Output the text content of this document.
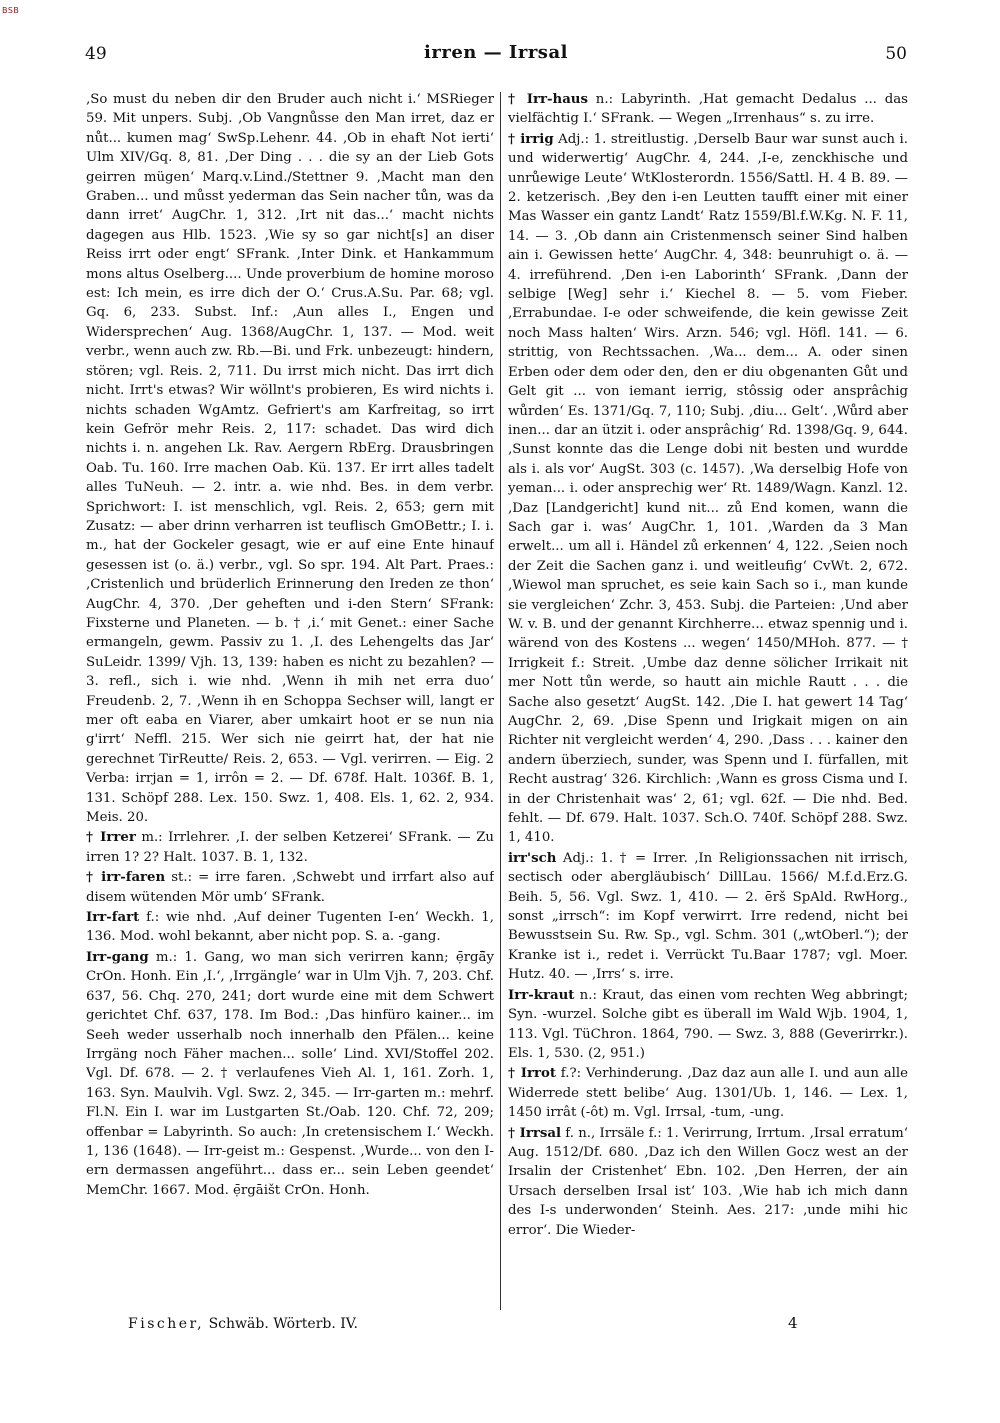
BSB
49	irren — Irrsal	50

‚So must du neben dir den Bruder auch nicht i.‘ MSRieger 59. Mit unpers. Subj. ‚Ob Vangnůsse den Man irret, daz er nůt... kumen mag‘ SwSp.Lehenr. 44. ‚Ob in ehaft Not ierti‘ Ulm XIV/Gq. 8, 81. ‚Der Ding . . . die sy an der Lieb Gots geirren mügen‘ Marq.v.Lind./Stettner 9. ‚Macht man den Graben... und můsst yederman das Sein nacher tůn, was da dann irret‘ AugChr. 1, 312. ‚Irt nit das...‘ macht nichts dagegen aus Hlb. 1523. ‚Wie sy so gar nicht[s] an diser Reiss irrt oder engt‘ SFrank. ‚Inter Dink. et Hankammum mons altus Oselberg.... Unde proverbium de homine moroso est: Ich mein, es irre dich der O.‘ Crus.A.Su. Par. 68; vgl. Gq. 6, 233. Subst. Inf.: ‚Aun alles I., Engen und Widersprechen‘ Aug. 1368/AugChr. 1, 137. — Mod. weit verbr., wenn auch zw. Rb.—Bi. und Frk. unbezeugt: hindern, stören; vgl. Reis. 2, 711. Du irrst mich nicht. Das irrt dich nicht. Irrt's etwas? Wir wöllnt's probieren, Es wird nichts i. nichts schaden WgAmtz. Gefriert's am Karfreitag, so irrt kein Gefrör mehr Reis. 2, 117: schadet. Das wird dich nichts i. n. angehen Lk. Rav. Aergern RbErg. Drausbringen Oab. Tu. 160. Irre machen Oab. Kü. 137. Er irrt alles tadelt alles TuNeuh. — 2. intr. a. wie nhd. Bes. in dem verbr. Sprichwort: I. ist menschlich, vgl. Reis. 2, 653; gern mit Zusatz: — aber drinn verharren ist teuflisch GmOBettr.; I. i. m., hat der Gockeler gesagt, wie er auf eine Ente hinauf gesessen ist (o. ä.) verbr., vgl. So spr. 194. Alt Part. Praes.: ‚Cristenlich und brüderlich Erinnerung den Ireden ze thon‘ AugChr. 4, 370. ‚Der geheften und i-den Stern‘ SFrank: Fixsterne und Planeten. — b. † ‚i.‘ mit Genet.: einer Sache ermangeln, gewm. Passiv zu 1. ‚I. des Lehengelts das Jar‘ SuLeidr. 1399/ Vjh. 13, 139: haben es nicht zu bezahlen? — 3. refl., sich i. wie nhd. ‚Wenn ih mih net erra duo‘ Freudenb. 2, 7. ‚Wenn ih en Schoppa Sechser will, langt er mer oft eaba en Viarer, aber umkairt hoot er se nun nia g'irrt‘ Neffl. 215. Wer sich nie geirrt hat, der hat nie gerechnet TirReutte/ Reis. 2, 653. — Vgl. verirren. — Eig. 2 Verba: irrjan = 1, irrôn = 2. — Df. 678f. Halt. 1036f. B. 1, 131. Schöpf 288. Lex. 150. Swz. 1, 408. Els. 1, 62. 2, 934. Meis. 20.

† Irrer m.: Irrlehrer. ‚I. der selben Ketzerei‘ SFrank. — Zu irren 1? 2? Halt. 1037. B. 1, 132.

† irr-faren st.: = irre faren. ‚Schwebt und irrfart also auf disem wütenden Mör umb‘ SFrank.

Irr-fart f.: wie nhd. ‚Auf deiner Tugenten I-en‘ Weckh. 1, 136. Mod. wohl bekannt, aber nicht pop. S. a. -gang.

Irr-gang m.: 1. Gang, wo man sich verirren kann; ẹ̄rgā̃y CrOn. Honh. Ein ‚I.‘, ‚Irrgängle‘ war in Ulm Vjh. 7, 203. Chf. 637, 56. Chq. 270, 241; dort wurde eine mit dem Schwert gerichtet Chf. 637, 178. Im Bod.: ‚Das hinfüro kainer... im Seeh weder usserhalb noch innerhalb den Pfälen... keine Irrgäng noch Fäher machen... solle‘ Lind. XVI/Stoffel 202. Vgl. Df. 678. — 2. † verlaufenes Vieh Al. 1, 161. Zorh. 1, 163. Syn. Maulvih. Vgl. Swz. 2, 345. — Irr-garten m.: mehrf. Fl.N. Ein I. war im Lustgarten St./Oab. 120. Chf. 72, 209; offenbar = Labyrinth. So auch: ‚In cretensischem I.‘ Weckh. 1, 136 (1648). — Irr-geist m.: Gespenst. ‚Wurde... von den I-ern dermassen angeführt... dass er... sein Leben geendet‘ MemChr. 1667. Mod. ẹ̄rgāišt CrOn. Honh.

† Irr-haus n.: Labyrinth. ‚Hat gemacht Dedalus ... das vielfächtig I.‘ SFrank. — Wegen „Irrenhaus“ s. zu irre.

† irrig Adj.: 1. streitlustig. ‚Derselb Baur war sunst auch i. und widerwertig‘ AugChr. 4, 244. ‚I-e, zenckhische und unrůewige Leute‘ WtKlosterordn. 1556/Sattl. H. 4 B. 89. — 2. ketzerisch. ‚Bey den i-en Leutten taufft einer mit einer Mas Wasser ein gantz Landt‘ Ratz 1559/Bl.f.W.Kg. N. F. 11, 14. — 3. ‚Ob dann ain Cristenmensch seiner Sind halben ain i. Gewissen hette‘ AugChr. 4, 348: beunruhigt o. ä. — 4. irreführend. ‚Den i-en Laborinth‘ SFrank. ‚Dann der selbige [Weg] sehr i.‘ Kiechel 8. — 5. vom Fieber. ‚Errabundae. I-e oder schweifende, die kein gewisse Zeit noch Mass halten‘ Wirs. Arzn. 546; vgl. Höfl. 141. — 6. strittig, von Rechtssachen. ‚Wa... dem... A. oder sinen Erben oder dem oder den, den er diu obgenanten Gůt und Gelt git ... von iemant ierrig, stôssig oder ansprâchig wůrden‘ Es. 1371/Gq. 7, 110; Subj. ‚diu... Gelt‘. ‚Wůrd aber inen... dar an ützit i. oder ansprâchig‘ Rd. 1398/Gq. 9, 644. ‚Sunst konnte das die Lenge dobi nit besten und wurdde als i. als vor‘ AugSt. 303 (c. 1457). ‚Wa derselbig Hofe von yeman... i. oder ansprechig wer‘ Rt. 1489/Wagn. Kanzl. 12. ‚Daz [Landgericht] kund nit... zů End komen, wann die Sach gar i. was‘ AugChr. 1, 101. ‚Warden da 3 Man erwelt... um all i. Händel zů erkennen‘ 4, 122. ‚Seien noch der Zeit die Sachen ganz i. und weitleufig‘ CvWt. 2, 672. ‚Wiewol man spruchet, es seie kain Sach so i., man kunde sie vergleichen‘ Zchr. 3, 453. Subj. die Parteien: ‚Und aber W. v. B. und der genannt Kirchherre... etwaz spennig und i. wärend von des Kostens ... wegen‘ 1450/MHoh. 877. — † Irrigkeit f.: Streit. ‚Umbe daz denne sölicher Irrikait nit mer Nott tůn werde, so hautt ain michle Rautt . . . die Sache also gesetzt‘ AugSt. 142. ‚Die I. hat gewert 14 Tag‘ AugChr. 2, 69. ‚Dise Spenn und Irigkait migen on ain Richter nit vergleicht werden‘ 4, 290. ‚Dass . . . kainer den andern überziech, sunder, was Spenn und I. fürfallen, mit Recht austrag‘ 326. Kirchlich: ‚Wann es gross Cisma und I. in der Christenhait was‘ 2, 61; vgl. 62f. — Die nhd. Bed. fehlt. — Df. 679. Halt. 1037. Sch.O. 740f. Schöpf 288. Swz. 1, 410.

irr'sch Adj.: 1. † = Irrer. ‚In Religionssachen nit irrisch, sectisch oder abergläubisch‘ DillLau. 1566/ M.f.d.Erz.G. Beih. 5, 56. Vgl. Swz. 1, 410. — 2. ērš SpAld. RwHorg., sonst „irrsch“: im Kopf verwirrt. Irre redend, nicht bei Bewusstsein Su. Rw. Sp., vgl. Schm. 301 („wtOberl.“); der Kranke ist i., redet i. Verrückt Tu.Baar 1787; vgl. Moer. Hutz. 40. — ‚Irrs‘ s. irre.

Irr-kraut n.: Kraut, das einen vom rechten Weg abbringt; Syn. -wurzel. Solche gibt es überall im Wald Wjb. 1904, 1, 113. Vgl. TüChron. 1864, 790. — Swz. 3, 888 (Geverirrkr.). Els. 1, 530. (2, 951.)

† Irrot f.?: Verhinderung. ‚Daz daz aun alle I. und aun alle Widerrede stett belibe‘ Aug. 1301/Ub. 1, 146. — Lex. 1, 1450 irrât (-ôt) m. Vgl. Irrsal, -tum, -ung.

† Irrsal f. n., Irrsäle f.: 1. Verirrung, Irrtum. ‚Irsal erratum‘ Aug. 1512/Df. 680. ‚Daz ich den Willen Gocz west an der Irsalin der Cristenhet‘ Ebn. 102. ‚Den Herren, der ain Ursach derselben Irsal ist‘ 103. ‚Wie hab ich mich dann des I-s underwonden‘ Steinh. Aes. 217: ‚unde mihi hic error‘. Die Wieder-

Fischer, Schwäb. Wörterb. IV.	4
